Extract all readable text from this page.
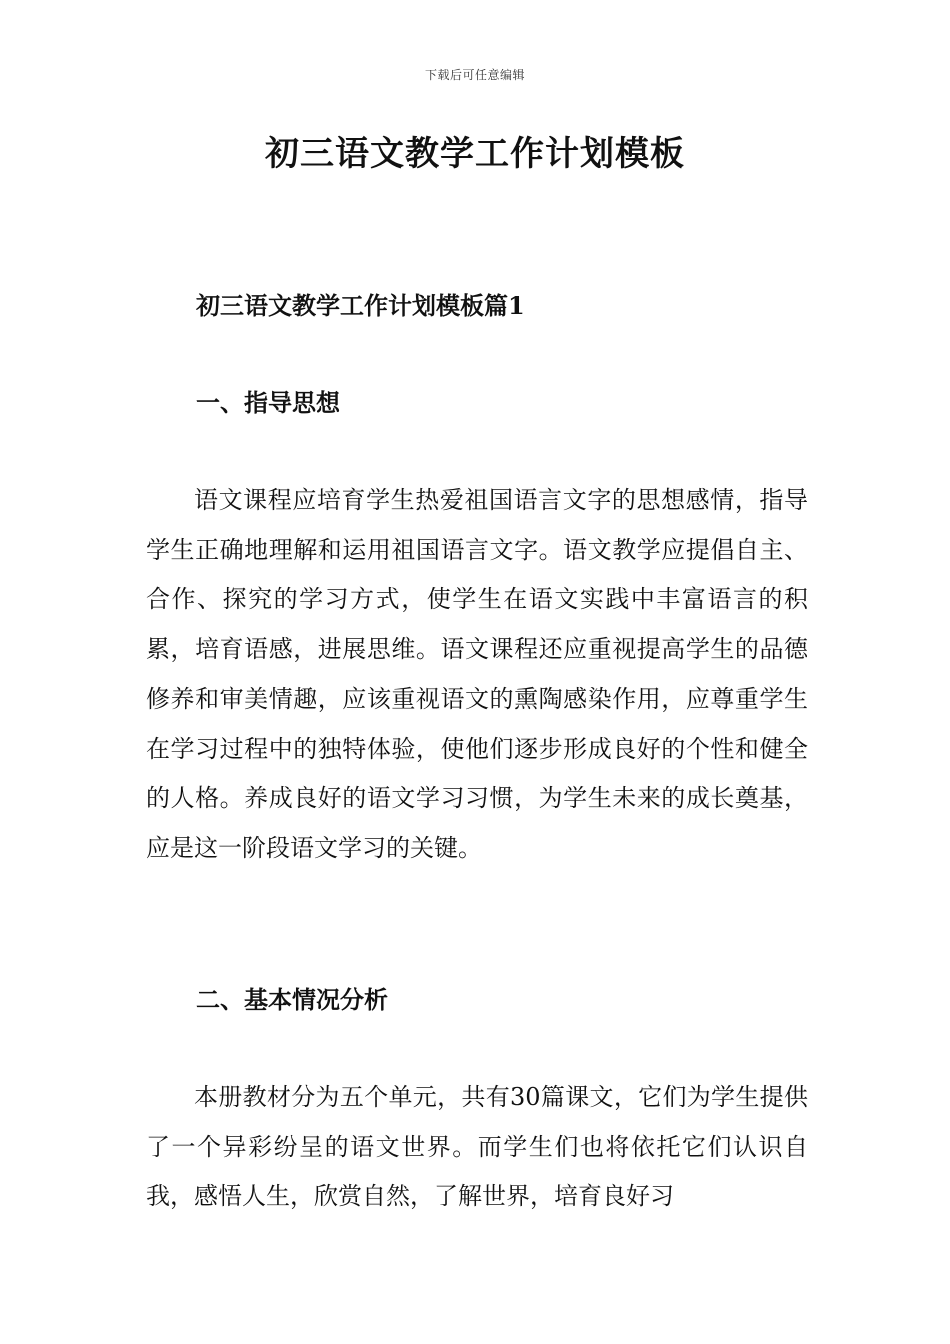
下载后可任意编辑
初三语文教学工作计划模板
初三语文教学工作计划模板篇1
一、指导思想

语文课程应培育学生热爱祖国语言文字的思想感情，指导学生正确地理解和运用祖国语言文字。语文教学应提倡自主、合作、探究的学习方式，使学生在语文实践中丰富语言的积累，培育语感，进展思维。语文课程还应重视提高学生的品德修养和审美情趣，应该重视语文的熏陶感染作用，应尊重学生在学习过程中的独特体验，使他们逐步形成良好的个性和健全的人格。养成良好的语文学习习惯，为学生未来的成长奠基，应是这一阶段语文学习的关键。

二、基本情况分析

本册教材分为五个单元，共有30篇课文，它们为学生提供了一个异彩纷呈的语文世界。而学生们也将依托它们认识自我，感悟人生，欣赏自然，了解世界，培育良好习
